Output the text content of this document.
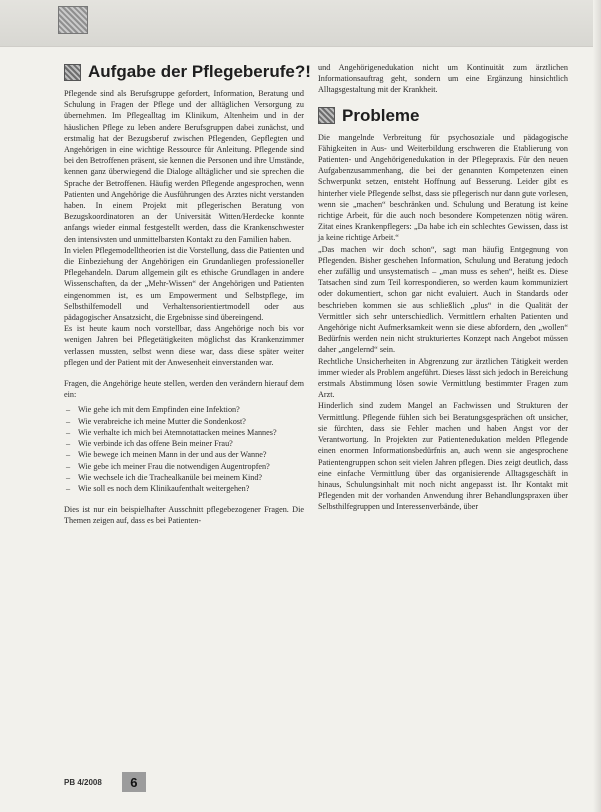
Aufgabe der Pflegeberufe?!

Pflegende sind als Berufsgruppe gefordert, Information, Beratung und Schulung in Fragen der Pflege und der alltäglichen Versorgung zu übernehmen. Im Pflegealltag im Klinikum, Altenheim und in der häuslichen Pflege zu leben andere Berufsgruppen dabei zunächst, und erstmalig hat der Bezugsberuf zwischen Pflegenden, Gepflegten und Angehörigen in eine wichtige Ressource für Anleitung. Pflegende sind bei den Betroffenen präsent, sie kennen die Personen und ihre Umstände, kennen ganz überwiegend die Dialoge alltäglicher und sie sprechen die Sprache der Betroffenen. Häufig werden Pflegende angesprochen, wenn Patienten und Angehörige die Ausführungen des Arztes nicht verstanden haben. In einem Projekt mit pflegerischen Beratung von Bezugskoordinatoren an der Universität Witten/Herdecke konnte anfangs wieder einmal festgestellt werden, dass die Krankenschwester den intensivsten und unmittelbarsten Kontakt zu den Familien haben.

In vielen Pflegemodelltheorien ist die Vorstellung, dass die Patienten und die Einbeziehung der Angehörigen ein Grundanliegen professioneller Pflegehandeln. Darum allgemein gilt es ethische Grundlagen in andere Wissenschaften, da der „Mehr-Wissen“ der Angehörigen und Patienten eingenommen ist, es um Empowerment und Selbstpflege, im Selbsthilfemodell und Verhaltensorientiertmodell oder aus pädagogischer Ansatzsicht, die Ergebnisse sind übereingend.

Es ist heute kaum noch vorstellbar, dass Angehörige noch bis vor wenigen Jahren bei Pflegetätigkeiten möglichst das Krankenzimmer verlassen mussten, selbst wenn diese war, dass diese später weiter pflegen und der Patient mit der Anwesenheit einverstanden war.

Fragen, die Angehörige heute stellen, werden den verändern hierauf dem ein:

– Wie gehe ich mit dem Empfinden eine Infektion?
– Wie verabreiche ich meine Mutter die Sondenkost?
– Wie verhalte ich mich bei Atemnotattacken meines Mannes?
– Wie verbinde ich das offene Bein meiner Frau?
– Wie bewege ich meinen Mann in der und aus der Wanne?
– Wie gebe ich meiner Frau die notwendigen Augentropfen?
– Wie wechsele ich die Trachealkanüle bei meinem Kind?
– Wie soll es noch dem Klinikaufenthalt weitergehen?

Dies ist nur ein beispielhafter Ausschnitt pflegebezogener Fragen. Die Themen zeigen auf, dass es bei Patienten-

und Angehörigenedukation nicht um Kontinuität zum ärztlichen Informationsauftrag geht, sondern um eine Ergänzung hinsichtlich Alltagsgestaltung mit der Krankheit.

Probleme

Die mangelnde Verbreitung für psychosoziale und pädagogische Fähigkeiten in Aus- und Weiterbildung erschweren die Etablierung von Patienten- und Angehörigenedukation in der Pflegepraxis. Für den neuen Aufgabenzusammenhang, die bei der genannten Kompetenzen einen Schwerpunkt setzen, entsteht Hoffnung auf Besserung. Leider gibt es hinterher viele Pflegende selbst, dass sie pflegerisch nur dann gute vorlesen, wenn sie „machen“ beschränken und. Schulung und Beratung ist keine richtige Arbeit, für die auch noch besondere Kompetenzen nötig wären. Zitat eines Krankenpflegers: „Da habe ich ein schlechtes Gewissen, dass ist ja keine richtige Arbeit.“

„Das machen wir doch schon“, sagt man häufig Entgegnung von Pflegenden. Bisher geschehen Information, Schulung und Beratung jedoch eher zufällig und unsystematisch – „man muss es sehen“, heißt es. Diese Tatsachen sind zum Teil korrespondieren, so werden kaum kommuniziert oder dokumentiert, schon gar nicht evaluiert. Auch in Standards oder beschrieben kommen sie aus schließlich „plus“ in die Qualität der Vermittler sich sehr unterschiedlich. Vermittlern erhalten Patienten und Angehörige nicht Aufmerksamkeit wenn sie diese abfordern, den „wollen“ Bedürfnis werden nein nicht strukturiertes Konzept nach Angebot müssen daher „angelernd“ sein.

Rechtliche Unsicherheiten in Abgrenzung zur ärztlichen Tätigkeit werden immer wieder als Problem angeführt. Dieses lässt sich jedoch in Bereichung erstmals Abstimmung lösen sowie Vermittlung bestimmter Fragen zum Arzt.

Hinderlich sind zudem Mangel an Fachwissen und Strukturen der Vermittlung. Pflegende fühlen sich bei Beratungsgesprächen oft unsicher, sie fürchten, dass sie Fehler machen und haben Angst vor der Verantwortung. In Projekten zur Patientenedukation melden Pflegende einen enormen Informationsbedürfnis an, auch wenn sie angesprochene Patientengruppen schon seit vielen Jahren pflegen. Dies zeigt deutlich, dass eine einfache Vermittlung über das organisierende Alltagsgeschäft in hinaus, Schulungsinhalt mit noch nicht angepasst ist. Ihr Kontakt mit Pflegenden mit der vorhanden Anwendung ihrer Behandlungspraxen über Selbsthilfegruppen und Interessenverbände, über

PB 4/2008	6
